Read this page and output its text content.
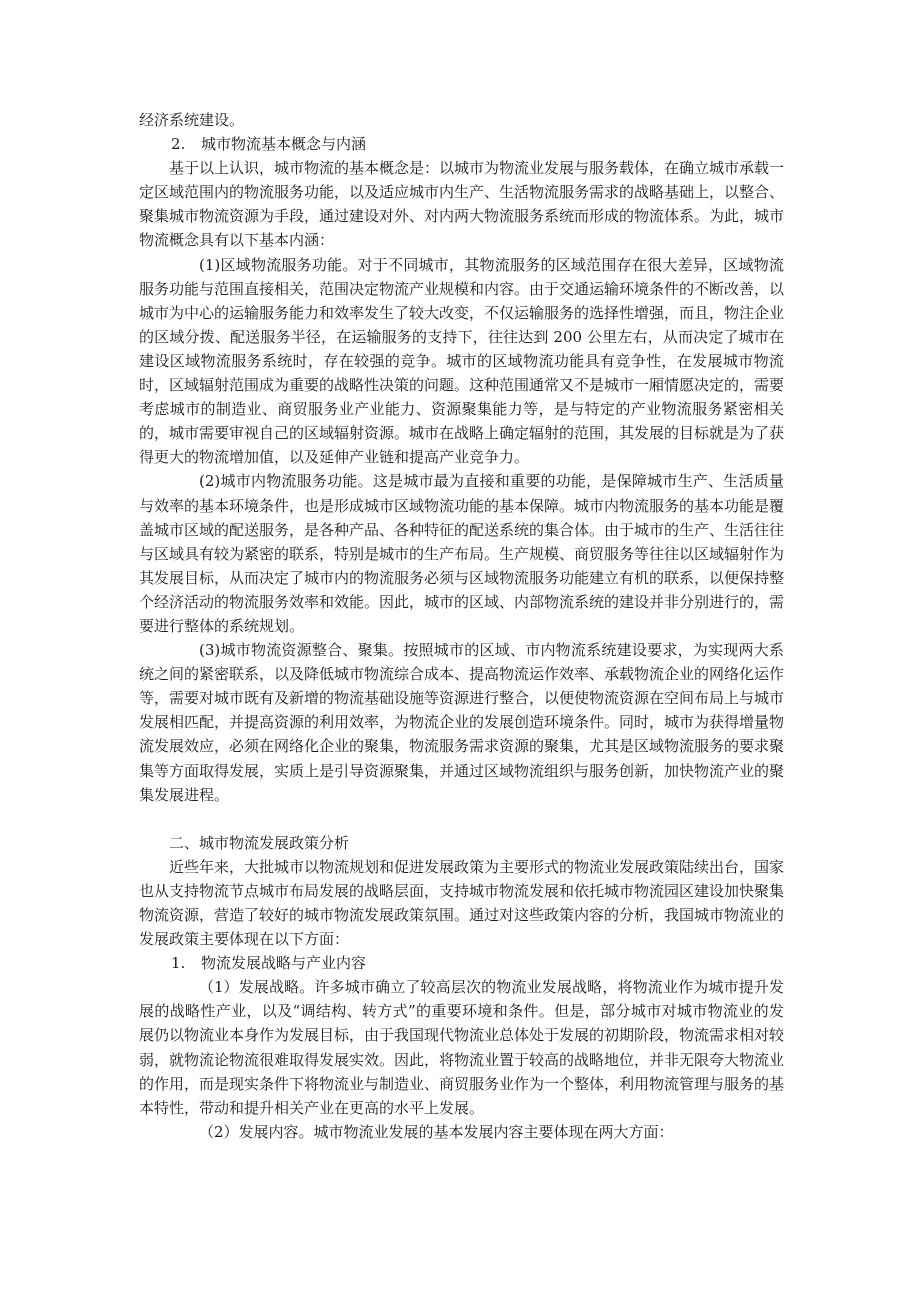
经济系统建设。

2. 城市物流基本概念与内涵

基于以上认识，城市物流的基本概念是：以城市为物流业发展与服务载体，在确立城市承载一定区域范围内的物流服务功能，以及适应城市内生产、生活物流服务需求的战略基础上，以整合、聚集城市物流资源为手段，通过建设对外、对内两大物流服务系统而形成的物流体系。为此，城市物流概念具有以下基本内涵：

(1)区域物流服务功能。对于不同城市，其物流服务的区域范围存在很大差异，区域物流服务功能与范围直接相关，范围决定物流产业规模和内容。由于交通运输环境条件的不断改善，以城市为中心的运输服务能力和效率发生了较大改变，不仅运输服务的选择性增强，而且，物注企业的区域分拨、配送服务半径，在运输服务的支持下，往往达到 200 公里左右，从而决定了城市在建设区域物流服务系统时，存在较强的竞争。城市的区域物流功能具有竞争性，在发展城市物流时，区域辐射范围成为重要的战略性决策的问题。这种范围通常又不是城市一厢情愿决定的，需要考虑城市的制造业、商贸服务业产业能力、资源聚集能力等，是与特定的产业物流服务紧密相关的，城市需要审视自己的区域辐射资源。城市在战略上确定辐射的范围，其发展的目标就是为了获得更大的物流增加值，以及延伸产业链和提高产业竞争力。

(2)城市内物流服务功能。这是城市最为直接和重要的功能，是保障城市生产、生活质量与效率的基本环境条件，也是形成城市区域物流功能的基本保障。城市内物流服务的基本功能是覆盖城市区域的配送服务，是各种产品、各种特征的配送系统的集合体。由于城市的生产、生活往往与区域具有较为紧密的联系，特别是城市的生产布局。生产规模、商贸服务等往往以区域辐射作为其发展目标，从而决定了城市内的物流服务必须与区域物流服务功能建立有机的联系，以便保持整个经济活动的物流服务效率和效能。因此，城市的区域、内部物流系统的建设并非分别进行的，需要进行整体的系统规划。

(3)城市物流资源整合、聚集。按照城市的区域、市内物流系统建设要求，为实现两大系统之间的紧密联系，以及降低城市物流综合成本、提高物流运作效率、承载物流企业的网络化运作等，需要对城市既有及新增的物流基础设施等资源进行整合，以便使物流资源在空间布局上与城市发展相匹配，并提高资源的利用效率，为物流企业的发展创造环境条件。同时，城市为获得增量物流发展效应，必须在网络化企业的聚集，物流服务需求资源的聚集，尤其是区域物流服务的要求聚集等方面取得发展，实质上是引导资源聚集，并通过区域物流组织与服务创新，加快物流产业的聚集发展进程。

二、城市物流发展政策分析

近些年来，大批城市以物流规划和促进发展政策为主要形式的物流业发展政策陆续出台，国家也从支持物流节点城市布局发展的战略层面，支持城市物流发展和依托城市物流园区建设加快聚集物流资源，营造了较好的城市物流发展政策氛围。通过对这些政策内容的分析，我国城市物流业的发展政策主要体现在以下方面：

1. 物流发展战略与产业内容

（1）发展战略。许多城市确立了较高层次的物流业发展战略，将物流业作为城市提升发展的战略性产业，以及“调结构、转方式”的重要环境和条件。但是，部分城市对城市物流业的发展仍以物流业本身作为发展目标，由于我国现代物流业总体处于发展的初期阶段，物流需求相对较弱，就物流论物流很难取得发展实效。因此，将物流业置于较高的战略地位，并非无限夸大物流业的作用，而是现实条件下将物流业与制造业、商贸服务业作为一个整体，利用物流管理与服务的基本特性，带动和提升相关产业在更高的水平上发展。

（2）发展内容。城市物流业发展的基本发展内容主要体现在两大方面：
